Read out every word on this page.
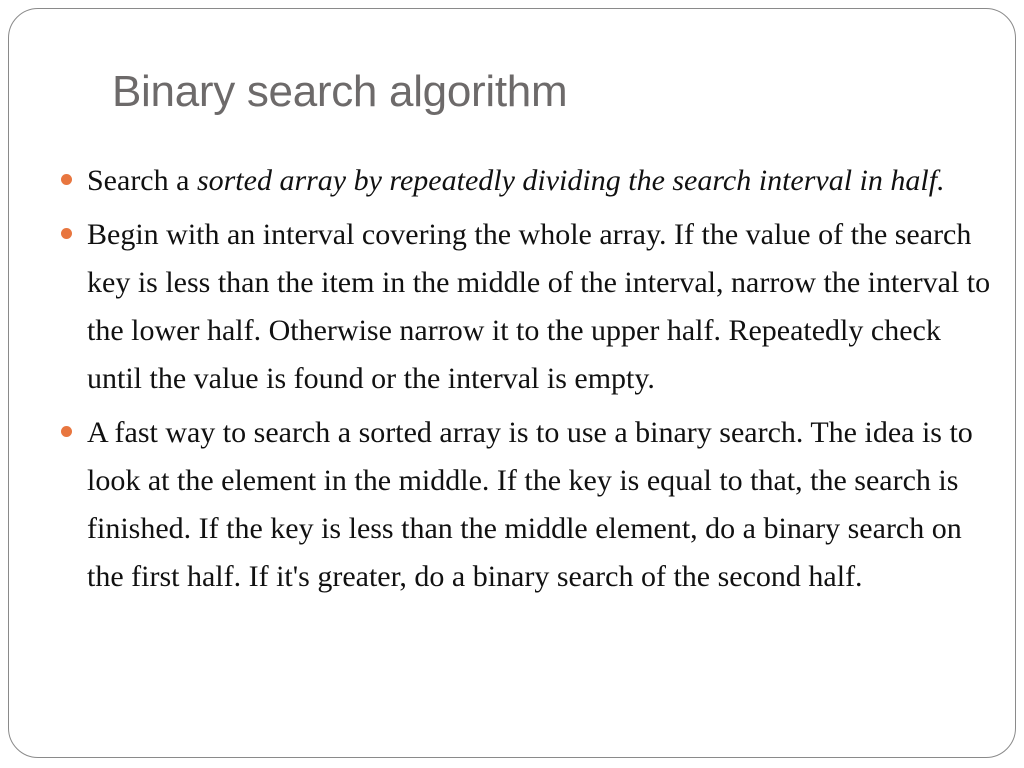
Binary search algorithm
Search a sorted array by repeatedly dividing the search interval in half.
Begin with an interval covering the whole array. If the value of the search key is less than the item in the middle of the interval, narrow the interval to the lower half. Otherwise narrow it to the upper half. Repeatedly check until the value is found or the interval is empty.
A fast way to search a sorted array is to use a binary search. The idea is to look at the element in the middle. If the key is equal to that, the search is finished. If the key is less than the middle element, do a binary search on the first half. If it's greater, do a binary search of the second half.
